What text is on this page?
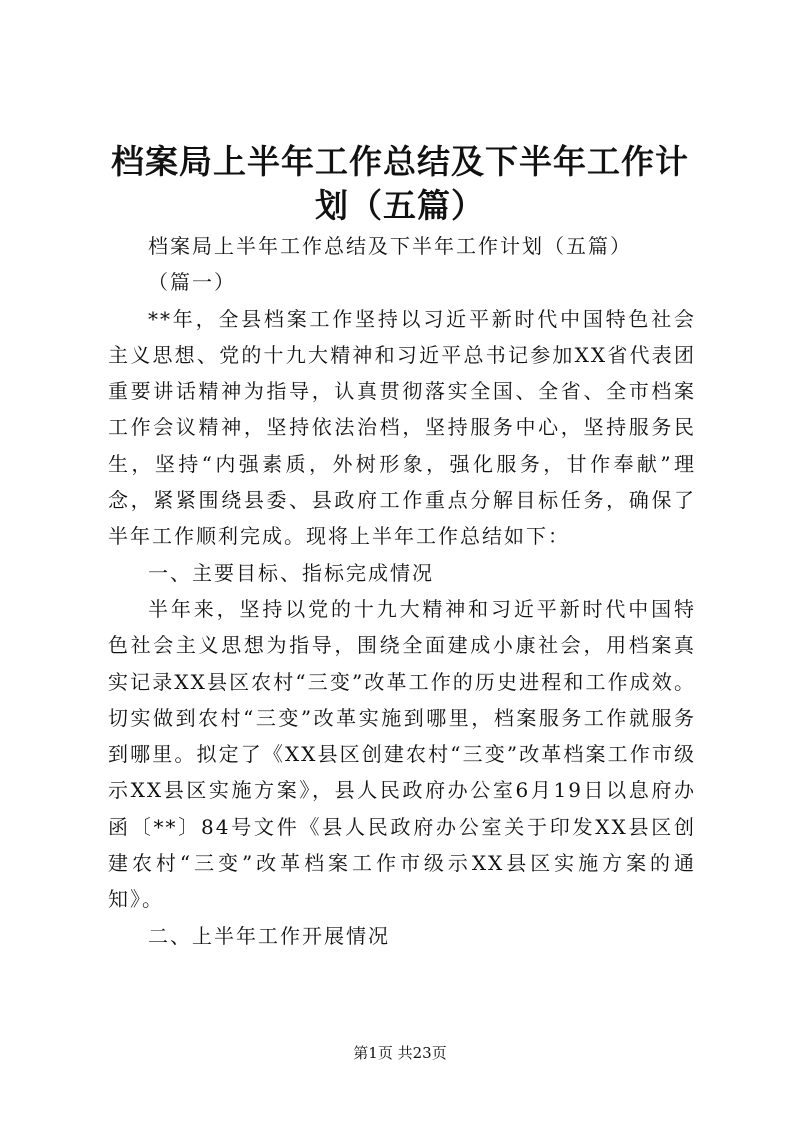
档案局上半年工作总结及下半年工作计划（五篇）

档案局上半年工作总结及下半年工作计划（五篇）

（篇一）

**年，全县档案工作坚持以习近平新时代中国特色社会主义思想、党的十九大精神和习近平总书记参加XX省代表团重要讲话精神为指导，认真贯彻落实全国、全省、全市档案工作会议精神，坚持依法治档，坚持服务中心，坚持服务民生，坚持“内强素质，外树形象，强化服务，甘作奉献”理念，紧紧围绕县委、县政府工作重点分解目标任务，确保了半年工作顺利完成。现将上半年工作总结如下：

一、主要目标、指标完成情况

半年来，坚持以党的十九大精神和习近平新时代中国特色社会主义思想为指导，围绕全面建成小康社会，用档案真实记录XX县区农村“三变”改革工作的历史进程和工作成效。切实做到农村“三变”改革实施到哪里，档案服务工作就服务到哪里。拟定了《XX县区创建农村“三变”改革档案工作市级示XX县区实施方案》，县人民政府办公室6月19日以息府办函〔**〕84号文件《县人民政府办公室关于印发XX县区创建农村“三变”改革档案工作市级示XX县区实施方案的通知》。

二、上半年工作开展情况

第1页 共23页
